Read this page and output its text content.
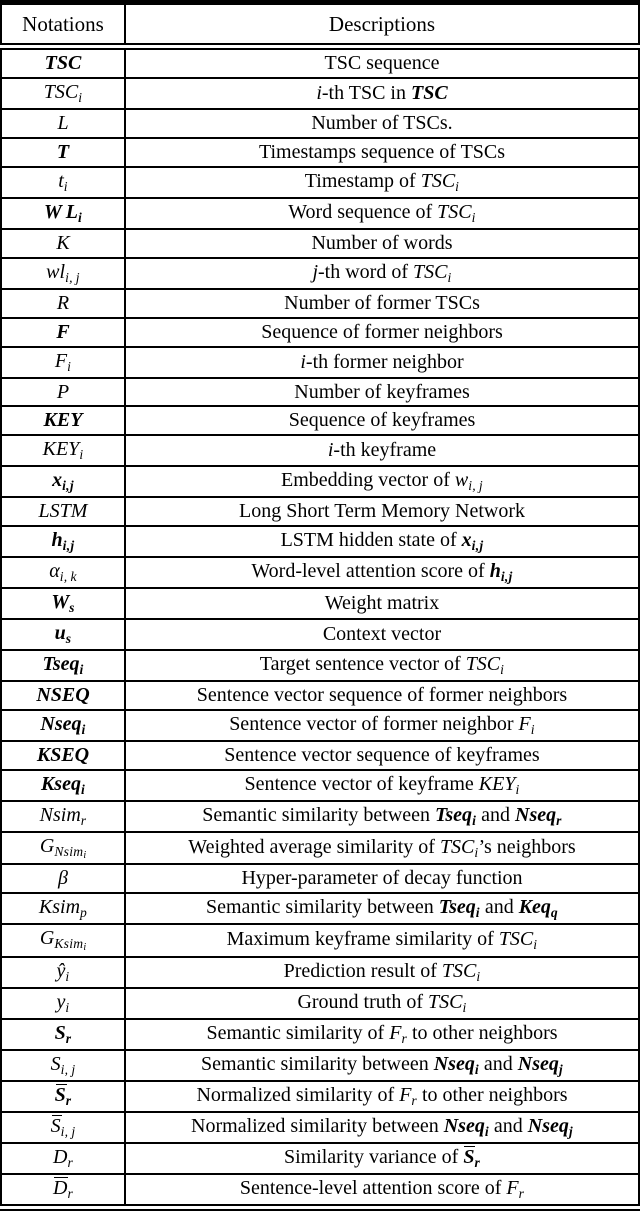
Notations	Descriptions
TSC	TSC sequence
$TSC_i$	i-th TSC in TSC
L	Number of TSCs.
T	Timestamps sequence of TSCs
$t_i$	Timestamp of $TSC_i$
W $L_i$	Word sequence of $TSC_i$
K	Number of words
$wl_{i, j}$	j-th word of $TSC_i$
R	Number of former TSCs
F	Sequence of former neighbors
$F_i$	i-th former neighbor
P	Number of keyframes
KEY	Sequence of keyframes
$KEY_i$	i-th keyframe
$x_{i,j}$	Embedding vector of $w_{i, j}$
LSTM	Long Short Term Memory Network
$h_{i,j}$	LSTM hidden state of $x_{i,j}$
$\alpha_{i, k}$	Word-level attention score of $h_{i,j}$
$W_s$	Weight matrix
$u_s$	Context vector
Tseq$_i$	Target sentence vector of $TSC_i$
NSEQ	Sentence vector sequence of former neighbors
Nseq$_i$	Sentence vector of former neighbor $F_i$
KSEQ	Sentence vector sequence of keyframes
Kseq$_i$	Sentence vector of keyframe $KEY_i$
Nsim$_r$	Semantic similarity between Tseq$_i$ and Nseq$_r$
$G_{Nsimi}$	Weighted average similarity of $TSC_i’s$ neighbors
β	Hyper-parameter of decay function
Ksim$_p$	Semantic similarity between Tseq$_i$ and Keq$_q$
$G_{Ksimi}$	Maximum keyframe similarity of $TSC_i$
$ŷ_i$	Prediction result of $TSC_i$
$y_i$	Ground truth of $TSC_i$
$S_r$	Semantic similarity of $F_r$ to other neighbors
$S_{i, j}$	Semantic similarity between Nseq$_i$ and Nseq$_j$
$S_r$	Normalized similarity of $F_r$ to other neighbors
$S_{i, j}$	Normalized similarity between Nseq$_i$ and Nseq$_j$
$D_r$	Similarity variance of $S_r$
$D_r$	Sentence-level attention score of $F_r$
